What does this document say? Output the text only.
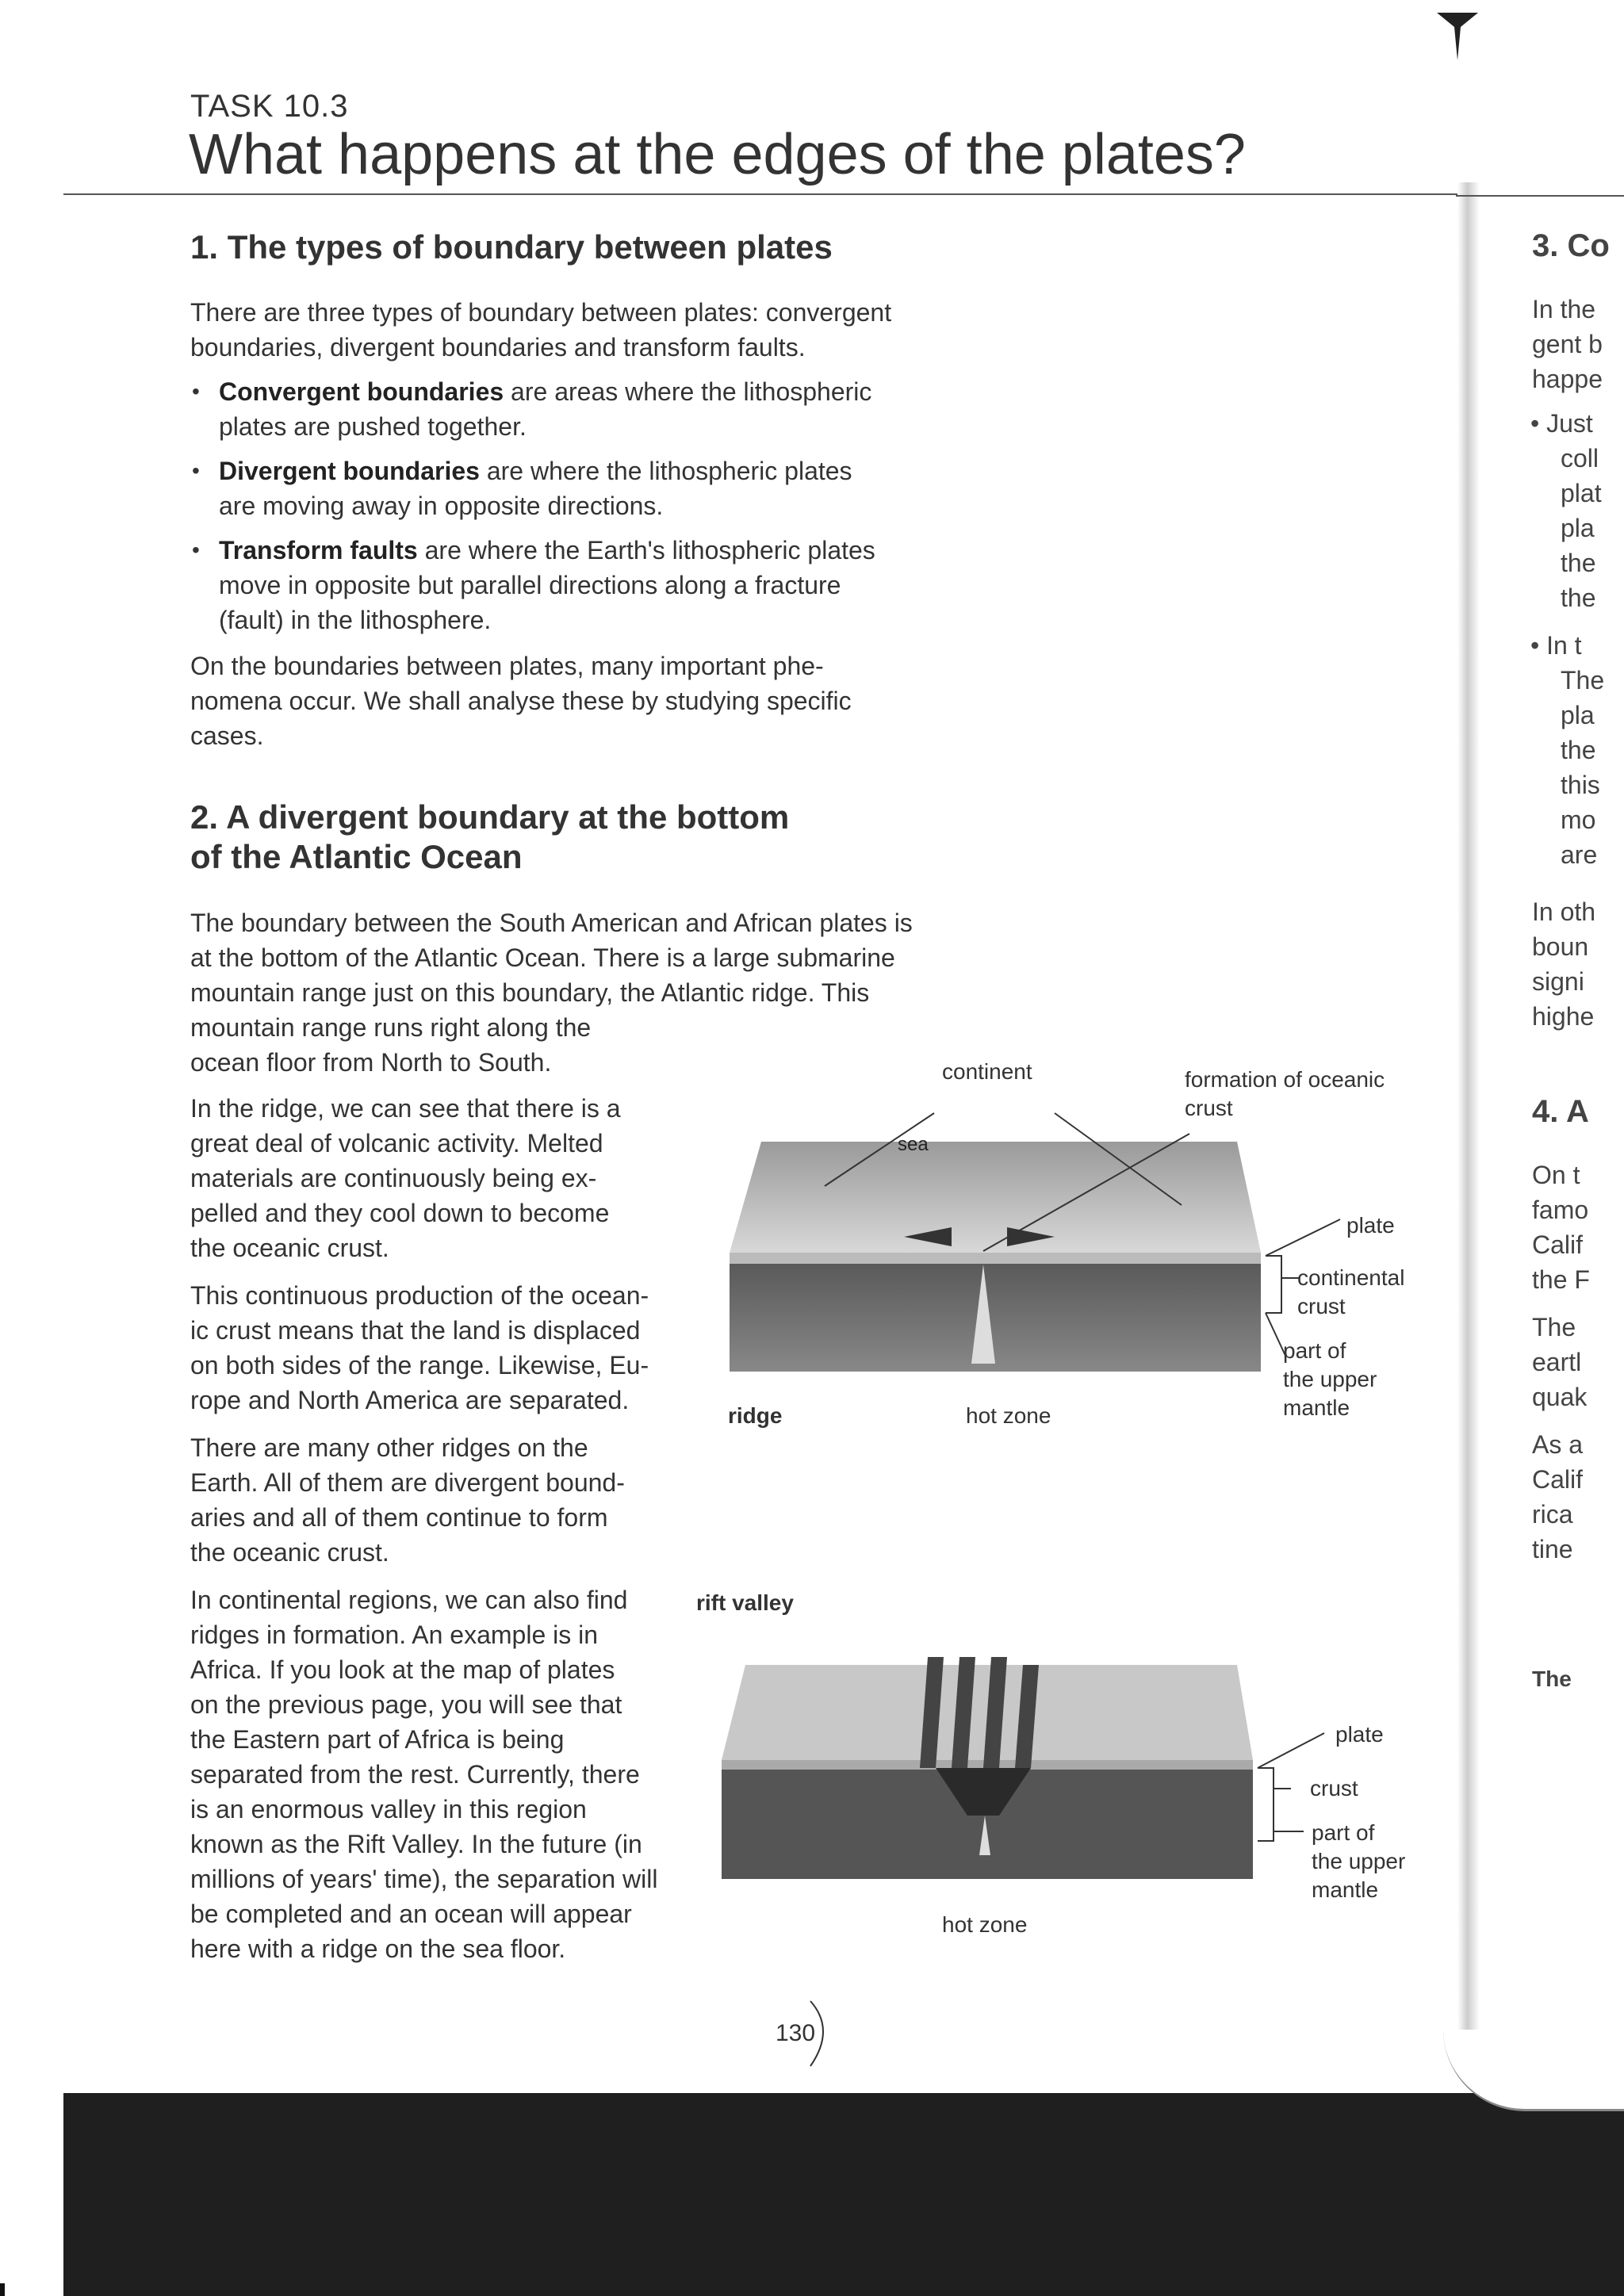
TASK 10.3
What happens at the edges of the plates?
1. The types of boundary between plates
There are three types of boundary between plates: convergent
boundaries, divergent boundaries and transform faults.
• Convergent boundaries are areas where the lithospheric
plates are pushed together.
• Divergent boundaries are where the lithospheric plates
are moving away in opposite directions.
• Transform faults are where the Earth's lithospheric plates
move in opposite but parallel directions along a fracture
(fault) in the lithosphere.
On the boundaries between plates, many important phe-
nomena occur. We shall analyse these by studying specific
cases.
2. A divergent boundary at the bottom
of the Atlantic Ocean
The boundary between the South American and African plates is
at the bottom of the Atlantic Ocean. There is a large submarine
mountain range just on this boundary, the Atlantic ridge. This
mountain range runs right along the
ocean floor from North to South.
In the ridge, we can see that there is a
great deal of volcanic activity. Melted
materials are continuously being ex-
pelled and they cool down to become
the oceanic crust.
This continuous production of the ocean-
ic crust means that the land is displaced
on both sides of the range. Likewise, Eu-
rope and North America are separated.
There are many other ridges on the
Earth. All of them are divergent bound-
aries and all of them continue to form
the oceanic crust.
In continental regions, we can also find
ridges in formation. An example is in
Africa. If you look at the map of plates
on the previous page, you will see that
the Eastern part of Africa is being
separated from the rest. Currently, there
is an enormous valley in this region
known as the Rift Valley. In the future (in
millions of years' time), the separation will
be completed and an ocean will appear
here with a ridge on the sea floor.
continent	formation of oceanic
crust
sea
plate
continental
crust
part of
the upper
mantle
ridge	hot zone
rift valley
plate
crust
part of
the upper
mantle
hot zone
130
3. Co
In the
gent b
happe
• Just
coll
plat
pla
the
the
• In t
The
pla
the
this
mo
are
In oth
boun
signi
highe
4. A
On t
famo
Calif
the F
The
eartl
quak
As a
Calif
rica
tine
The
